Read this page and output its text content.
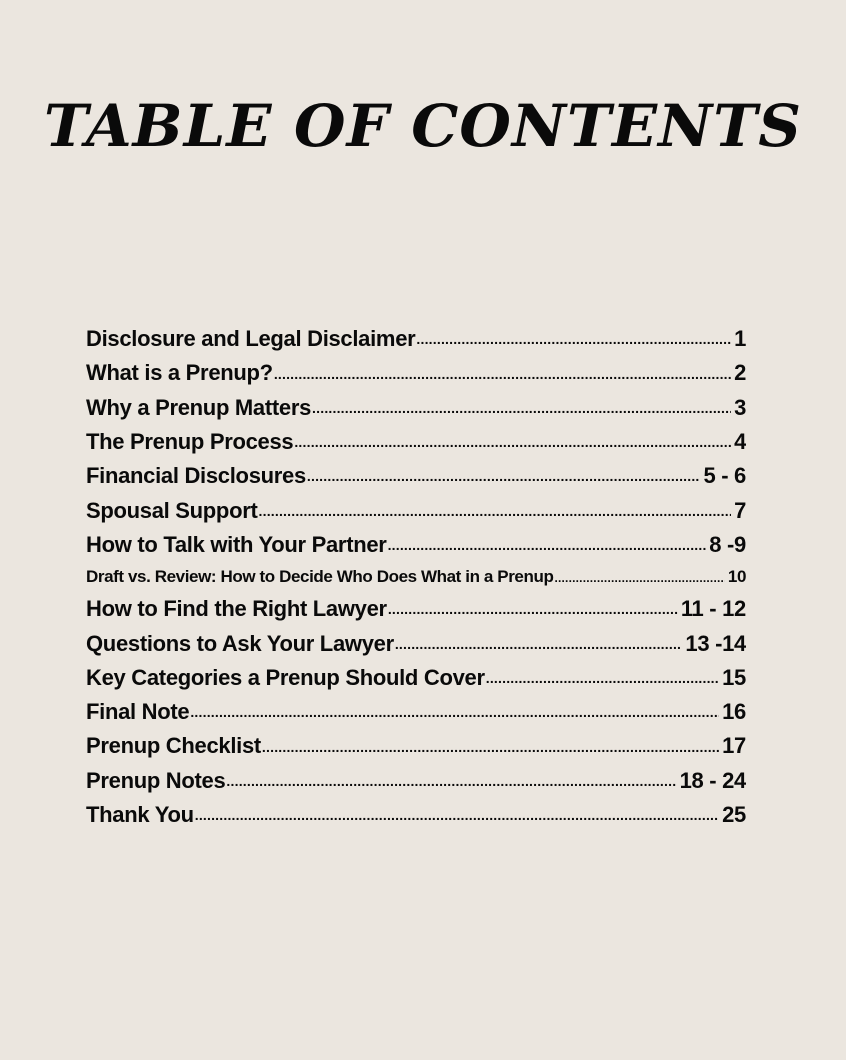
TABLE OF CONTENTS
Disclosure and Legal Disclaimer .....	1
What is a Prenup? .....	2
Why a Prenup Matters .....	3
The Prenup Process .....	4
Financial Disclosures .....	5 - 6
Spousal Support .....	7
How to Talk with Your Partner .....	8 -9
Draft vs. Review: How to Decide Who Does What in a Prenup .....	10
How to Find the Right Lawyer .....	11 - 12
Questions to Ask Your Lawyer .....	13 -14
Key Categories a Prenup Should Cover .....	15
Final Note .....	16
Prenup Checklist .....	17
Prenup Notes .....	18 - 24
Thank You .....	25
